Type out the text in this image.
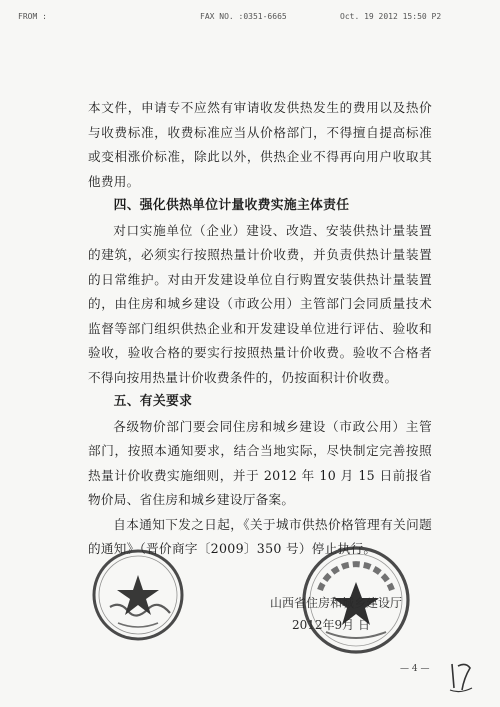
FROM :	FAX NO. :0351-6665	Oct. 19 2012 15:50 P2

本文件，申请专不应然有审请收发供热发生的费用以及热价与收费标准，收费标准应当从价格部门，不得擅自提高标准或变相涨价标准，除此以外，供热企业不得再向用户收取其他费用。

四、强化供热单位计量收费实施主体责任

对口实施单位（企业）建设、改造、安装供热计量装置的建筑，必须实行按照热量计价收费，并负责供热计量装置的日常维护。对由开发建设单位自行购置安装供热计量装置的，由住房和城乡建设（市政公用）主管部门会同质量技术监督等部门组织供热企业和开发建设单位进行评估、验收和验收，验收合格的要实行按照热量计价收费。验收不合格者不得向按用热量计价收费条件的，仍按面积计价收费。

五、有关要求

各级物价部门要会同住房和城乡建设（市政公用）主管部门，按照本通知要求，结合当地实际，尽快制定完善按照热量计价收费实施细则，并于 2012 年 10 月 15 日前报省物价局、省住房和城乡建设厅备案。

自本通知下发之日起，《关于城市供热价格管理有关问题的通知》（晋价商字〔2009〕350 号）停止执行。

山西省住房和城乡建设厅
2012年9月 日
— 4 —
